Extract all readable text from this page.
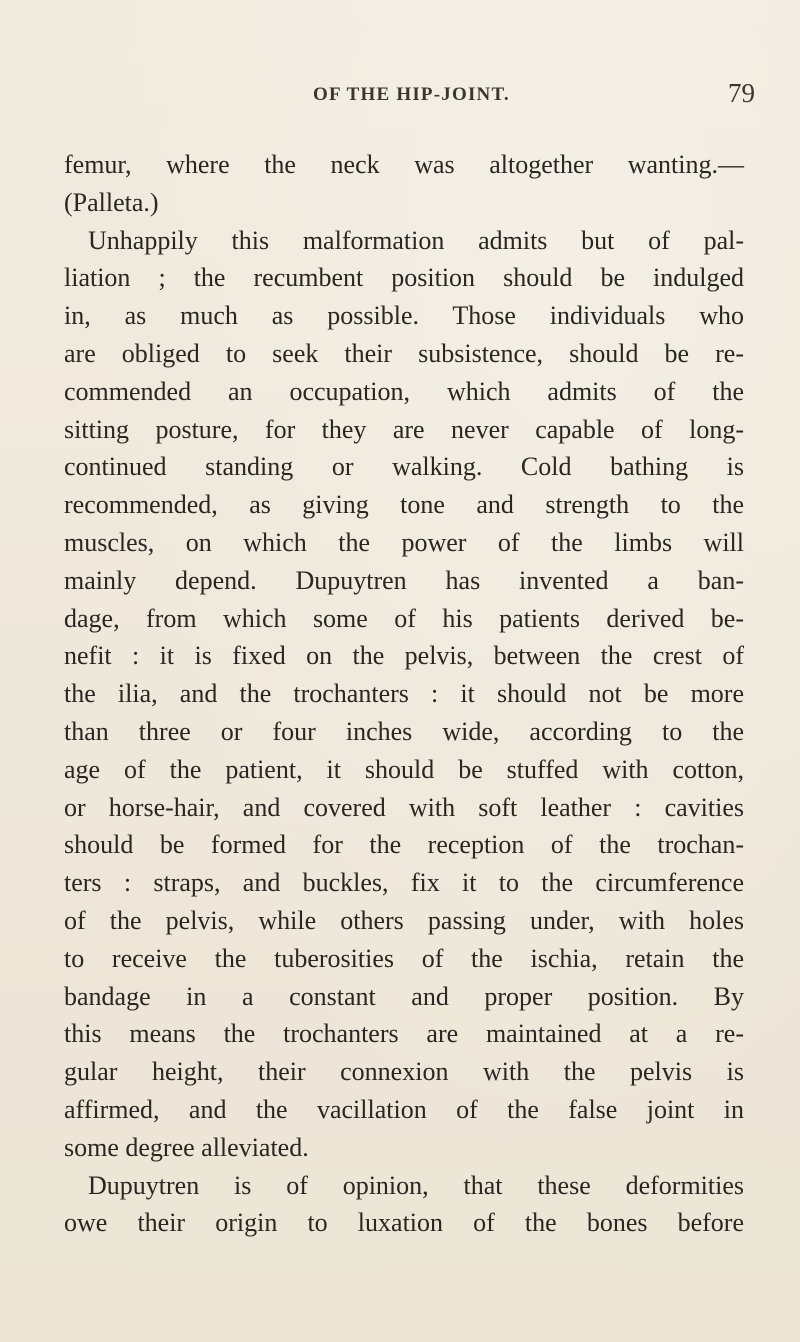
OF THE HIP-JOINT.	79
femur, where the neck was altogether wanting.—
(Palleta.)
Unhappily this malformation admits but of pal-
liation ; the recumbent position should be indulged
in, as much as possible. Those individuals who
are obliged to seek their subsistence, should be re-
commended an occupation, which admits of the
sitting posture, for they are never capable of long-
continued standing or walking. Cold bathing is
recommended, as giving tone and strength to the
muscles, on which the power of the limbs will
mainly depend. Dupuytren has invented a ban-
dage, from which some of his patients derived be-
nefit : it is fixed on the pelvis, between the crest of
the ilia, and the trochanters : it should not be more
than three or four inches wide, according to the
age of the patient, it should be stuffed with cotton,
or horse-hair, and covered with soft leather : cavities
should be formed for the reception of the trochan-
ters : straps, and buckles, fix it to the circumference
of the pelvis, while others passing under, with holes
to receive the tuberosities of the ischia, retain the
bandage in a constant and proper position. By
this means the trochanters are maintained at a re-
gular height, their connexion with the pelvis is
affirmed, and the vacillation of the false joint in
some degree alleviated.
Dupuytren is of opinion, that these deformities
owe their origin to luxation of the bones before
